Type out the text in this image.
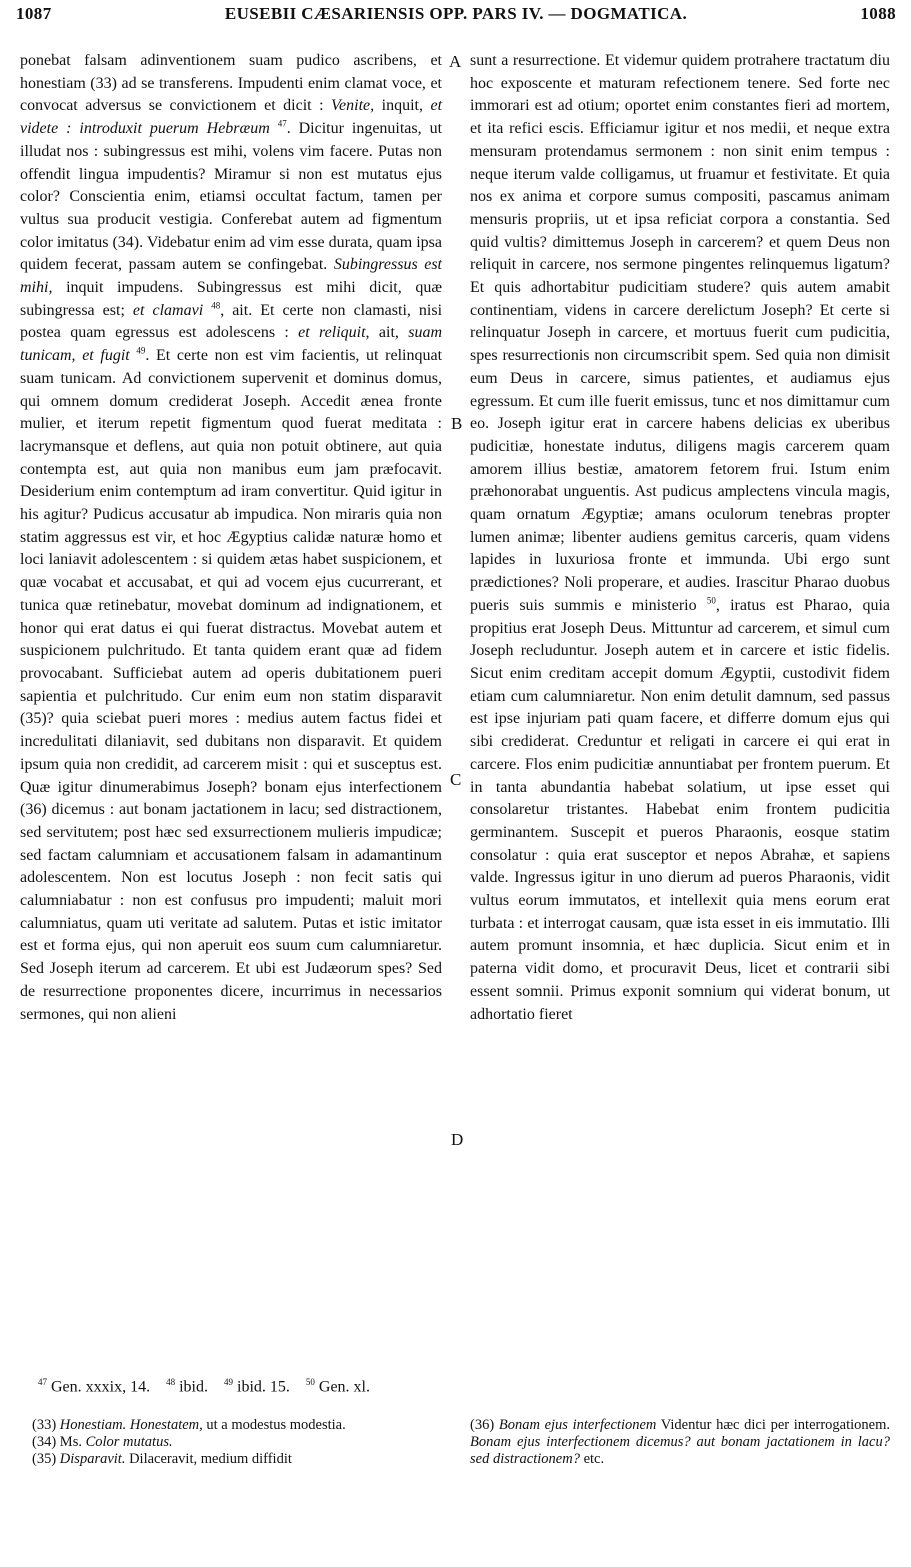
1087	EUSEBII CÆSARIENSIS OPP. PARS IV. — DOGMATICA.	1088
A
B
C
D

ponebat falsam adinventionem suam pudico ascribens, et honestiam (33) ad se transferens. Impudenti enim clamat voce, et convocat adversus se convictionem et dicit : Venite, inquit, et videte : introduxit puerum Hebræum $^{47}$. Dicitur ingenuitas, ut illudat nos : subingressus est mihi, volens vim facere. Putas non offendit lingua impudentis? Miramur si non est mutatus ejus color? Conscientia enim, etiamsi occultat factum, tamen per vultus sua producit vestigia. Conferebat autem ad figmentum color imitatus (34). Videbatur enim ad vim esse durata, quam ipsa quidem fecerat, passam autem se confingebat. Subingressus est mihi, inquit impudens. Subingressus est mihi dicit, quæ subingressa est; et clamavi $^{48}$, ait. Et certe non clamasti, nisi postea quam egressus est adolescens : et reliquit, ait, suam tunicam, et fugit $^{49}$. Et certe non est vim facientis, ut relinquat suam tunicam. Ad convictionem supervenit et dominus domus, qui omnem domum crediderat Joseph. Accedit ænea fronte mulier, et iterum repetit figmentum quod fuerat meditata : lacrymansque et deflens, aut quia non potuit obtinere, aut quia contempta est, aut quia non manibus eum jam præfocavit. Desiderium enim contemptum ad iram convertitur. Quid igitur in his agitur? Pudicus accusatur ab impudica. Non miraris quia non statim aggressus est vir, et hoc Ægyptius calidæ naturæ homo et loci laniavit adolescentem : si quidem ætas habet suspicionem, et quæ vocabat et accusabat, et qui ad vocem ejus cucurrerant, et tunica quæ retinebatur, movebat dominum ad indignationem, et honor qui erat datus ei qui fuerat distractus. Movebat autem et suspicionem pulchritudo. Et tanta quidem erant quæ ad fidem provocabant. Sufficiebat autem ad operis dubitationem pueri sapientia et pulchritudo. Cur enim eum non statim disparavit (35)? quia sciebat pueri mores : medius autem factus fidei et incredulitati dilaniavit, sed dubitans non disparavit. Et quidem ipsum quia non credidit, ad carcerem misit : qui et susceptus est. Quæ igitur dinumerabimus Joseph? bonam ejus interfectionem (36) dicemus : aut bonam jactationem in lacu; sed distractionem, sed servitutem; post hæc sed exsurrectionem mulieris impudicæ; sed factam calumniam et accusationem falsam in adamantinum adolescentem. Non est locutus Joseph : non fecit satis qui calumniabatur : non est confusus pro impudenti; maluit mori calumniatus, quam uti veritate ad salutem. Putas et istic imitator est et forma ejus, qui non aperuit eos suum cum calumniaretur. Sed Joseph iterum ad carcerem. Et ubi est Judæorum spes? Sed de resurrectione proponentes dicere, incurrimus in necessarios sermones, qui non alieni

sunt a resurrectione. Et videmur quidem protrahere tractatum diu hoc exposcente et maturam refectionem tenere. Sed forte nec immorari est ad otium; oportet enim constantes fieri ad mortem, et ita refici escis. Efficiamur igitur et nos medii, et neque extra mensuram protendamus sermonem : non sinit enim tempus : neque iterum valde colligamus, ut fruamur et festivitate. Et quia nos ex anima et corpore sumus compositi, pascamus animam mensuris propriis, ut et ipsa reficiat corpora a constantia. Sed quid vultis? dimittemus Joseph in carcerem? et quem Deus non reliquit in carcere, nos sermone pingentes relinquemus ligatum? Et quis adhortabitur pudicitiam studere? quis autem amabit continentiam, videns in carcere derelictum Joseph? Et certe si relinquatur Joseph in carcere, et mortuus fuerit cum pudicitia, spes resurrectionis non circumscribit spem. Sed quia non dimisit eum Deus in carcere, simus patientes, et audiamus ejus egressum. Et cum ille fuerit emissus, tunc et nos dimittamur cum eo. Joseph igitur erat in carcere habens delicias ex uberibus pudicitiæ, honestate indutus, diligens magis carcerem quam amorem illius bestiæ, amatorem fetorem frui. Istum enim præhonorabat unguentis. Ast pudicus amplectens vincula magis, quam ornatum Ægyptiæ; amans oculorum tenebras propter lumen animæ; libenter audiens gemitus carceris, quam videns lapides in luxuriosa fronte et immunda. Ubi ergo sunt prædictiones? Noli properare, et audies. Irascitur Pharao duobus pueris suis summis e ministerio $^{50}$, iratus est Pharao, quia propitius erat Joseph Deus. Mittuntur ad carcerem, et simul cum Joseph recluduntur. Joseph autem et in carcere et istic fidelis. Sicut enim creditam accepit domum Ægyptii, custodivit fidem etiam cum calumniaretur. Non enim detulit damnum, sed passus est ipse injuriam pati quam facere, et differre domum ejus qui sibi crediderat. Creduntur et religati in carcere ei qui erat in carcere. Flos enim pudicitiæ annuntiabat per frontem puerum. Et in tanta abundantia habebat solatium, ut ipse esset qui consolaretur tristantes. Habebat enim frontem pudicitia germinantem. Suscepit et pueros Pharaonis, eosque statim consolatur : quia erat susceptor et nepos Abrahæ, et sapiens valde. Ingressus igitur in uno dierum ad pueros Pharaonis, vidit vultus eorum immutatos, et intellexit quia mens eorum erat turbata : et interrogat causam, quæ ista esset in eis immutatio. Illi autem promunt insomnia, et hæc duplicia. Sicut enim et in paterna vidit domo, et procuravit Deus, licet et contrarii sibi essent somnii. Primus exponit somnium qui viderat bonum, ut adhortatio fieret

$^{47}$ Gen. xxxix, 14. $^{48}$ ibid. $^{49}$ ibid. 15. $^{50}$ Gen. xl.

(33) Honestiam. Honestatem, ut a modestus modestia.

(34) Ms. Color mutatus.

(35) Disparavit. Dilaceravit, medium diffidit

(36) Bonam ejus interfectionem Videntur hæc dici per interrogationem. Bonam ejus interfectionem dicemus? aut bonam jactationem in lacu? sed distractionem? etc.
